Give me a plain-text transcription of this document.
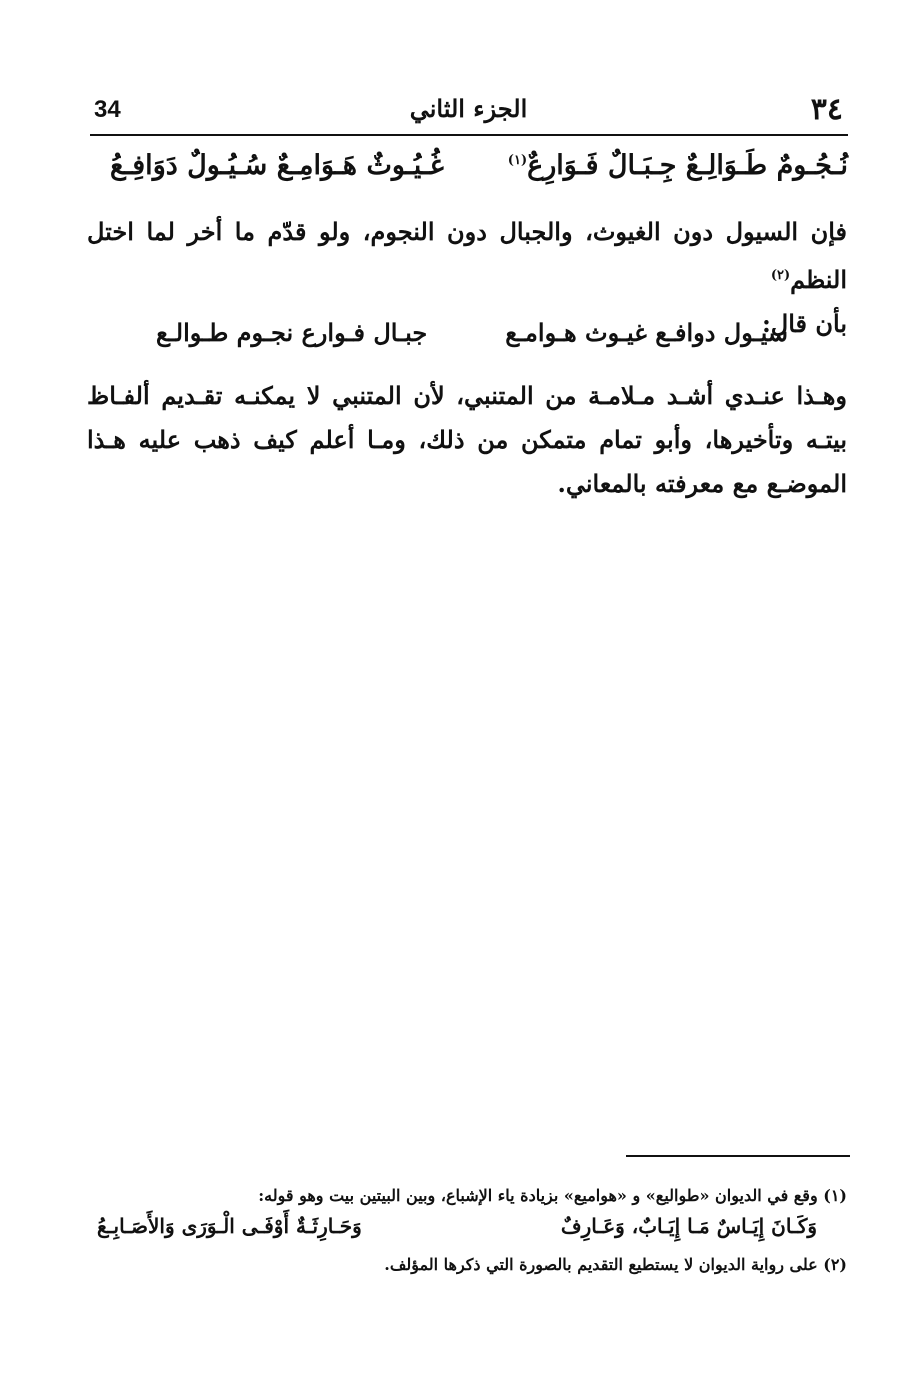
34	الجزء الثاني	٣٤
نُـجُـومٌ طَـوَالِـعٌ جِـبَـالٌ فَـوَارِعٌ$^{(١)}$
غُـيُـوثٌ هَـوَامِـعٌ سُـيُـولٌ دَوَافِـعُ

فإن السيول دون الغيوث، والجبال دون النجوم، ولو قدّم ما أخر لما اختل النظم$^{(٢)}$

بأن قال:

سيـول دوافـع غيـوث هـوامـع
جبـال فـوارع نجـوم طـوالـع

وهـذا عنـدي أشـد مـلامـة من المتنبي، لأن المتنبي لا يمكنـه تقـديم ألفـاظ بيتـه وتأخيرها، وأبو تمام متمكن من ذلك، ومـا أعلم كيف ذهب عليه هـذا الموضـع مع معرفته بالمعاني.

(١) وقع في الديوان «طواليع» و «هواميع» بزيادة ياء الإشباع، وبين البيتين بيت وهو قوله:
وَكَـانَ إِيَـاسٌ مَـا إِيَـابٌ، وَعَـارِفٌ
وَحَـارِثَـةٌ أَوْفَـى الْـوَرَى وَالأَصَـابِـعُ
(٢) على رواية الديوان لا يستطيع التقديم بالصورة التي ذكرها المؤلف.
